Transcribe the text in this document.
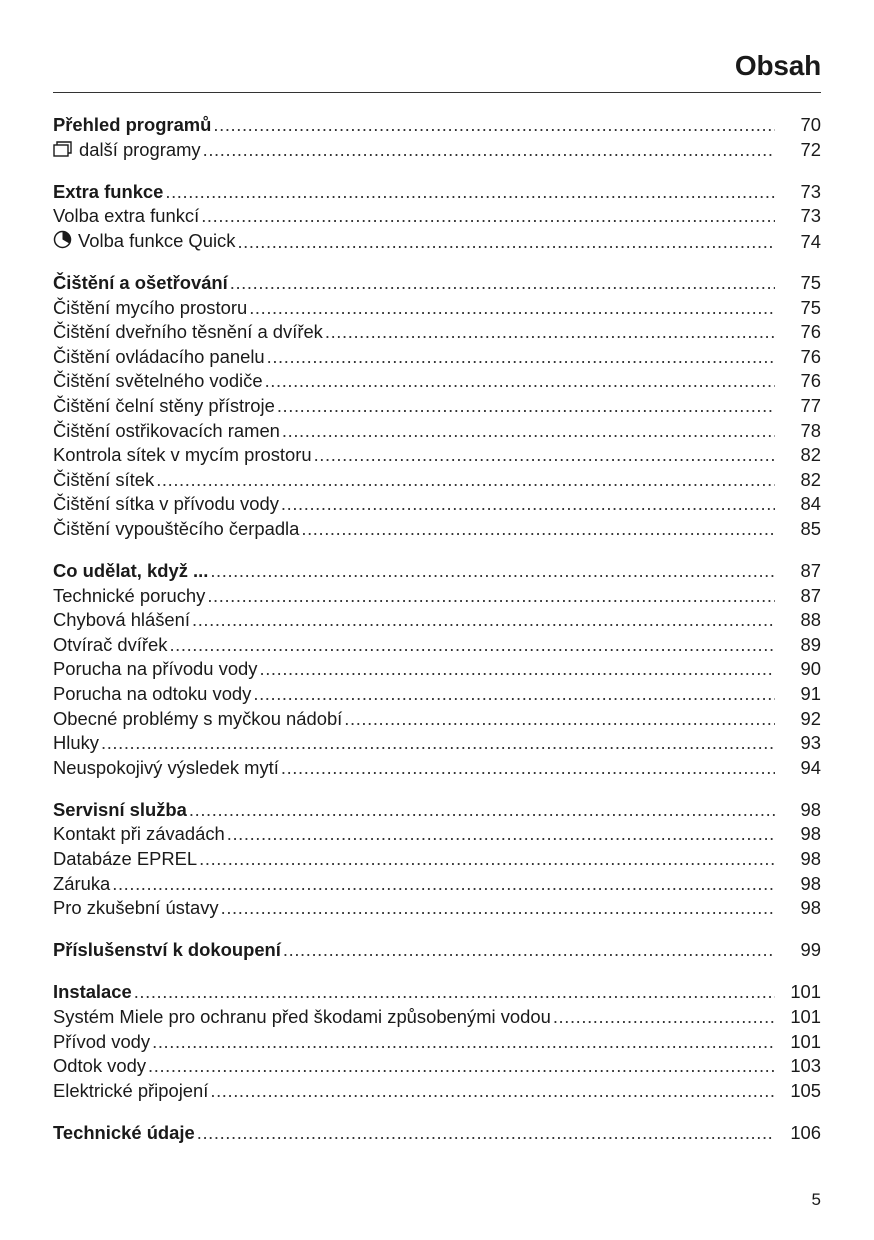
Obsah
Přehled programů .....	70
další programy .....	72
Extra funkce .....	73
Volba extra funkcí .....	73
Volba funkce Quick .....	74
Čištění a ošetřování .....	75
Čištění mycího prostoru .....	75
Čištění dveřního těsnění a dvířek .....	76
Čištění ovládacího panelu .....	76
Čištění světelného vodiče .....	76
Čištění čelní stěny přístroje .....	77
Čištění ostřikovacích ramen .....	78
Kontrola sítek v mycím prostoru .....	82
Čištění sítek .....	82
Čištění sítka v přívodu vody .....	84
Čištění vypouštěcího čerpadla .....	85
Co udělat, když ... .....	87
Technické poruchy .....	87
Chybová hlášení .....	88
Otvírač dvířek .....	89
Porucha na přívodu vody .....	90
Porucha na odtoku vody .....	91
Obecné problémy s myčkou nádobí .....	92
Hluky .....	93
Neuspokojivý výsledek mytí .....	94
Servisní služba .....	98
Kontakt při závadách .....	98
Databáze EPREL .....	98
Záruka .....	98
Pro zkušební ústavy .....	98
Příslušenství k dokoupení .....	99
Instalace .....	101
Systém Miele pro ochranu před škodami způsobenými vodou .....	101
Přívod vody .....	101
Odtok vody .....	103
Elektrické připojení .....	105
Technické údaje .....	106
5
